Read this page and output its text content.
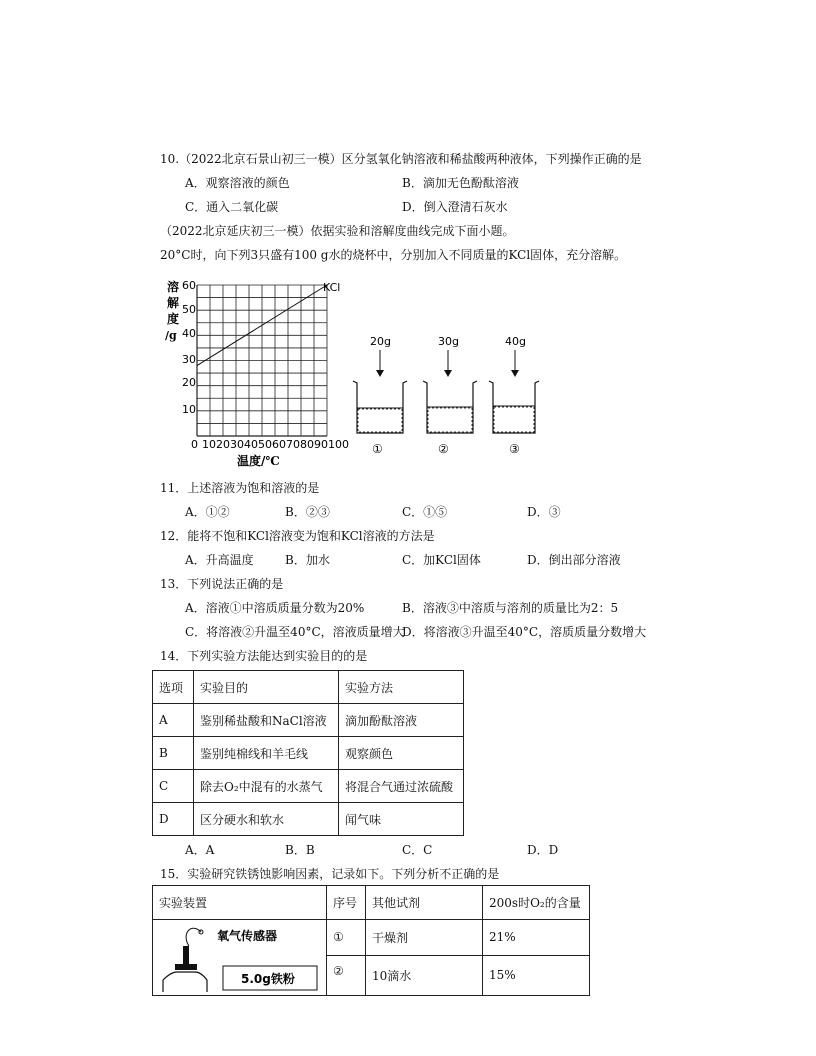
10.（2022北京石景山初三一模）区分氢氧化钠溶液和稀盐酸两种液体，下列操作正确的是
A．观察溶液的颜色	B．滴加无色酚酞溶液
C．通入二氧化碳	D．倒入澄清石灰水
（2022北京延庆初三一模）依据实验和溶解度曲线完成下面小题。
20°C时，向下列3只盛有100 g水的烧杯中，分别加入不同质量的KCl固体，充分溶解。
KCl
溶
解
度
/g
60
50
40
30
20
10
0 102030405060708090100
温度/℃
20g
①
30g
②
40g
③
11．上述溶液为饱和溶液的是
A．①②	B．②③	C．①⑤	D．③
12．能将不饱和KCl溶液变为饱和KCl溶液的方法是
A．升高温度	B．加水	C．加KCl固体	D．倒出部分溶液
13．下列说法正确的是
A．溶液①中溶质质量分数为20%	B．溶液③中溶质与溶剂的质量比为2：5
C．将溶液②升温至40°C，溶液质量增大
D．将溶液③升温至40°C，溶质质量分数增大
14．下列实验方法能达到实验目的的是
选项	实验目的	实验方法
A	鉴别稀盐酸和NaCl溶液	滴加酚酞溶液
B	鉴别纯棉线和羊毛线	观察颜色
C	除去O₂中混有的水蒸气	将混合气通过浓硫酸
D	区分硬水和软水	闻气味
A．A	B．B	C．C	D．D
15．实验研究铁锈蚀影响因素，记录如下。下列分析不正确的是
实验装置	序号	其他试剂	200s时O₂的含量

氧气传感器
5.0g铁粉	①	干燥剂	21%
	②	10滴水	15%
